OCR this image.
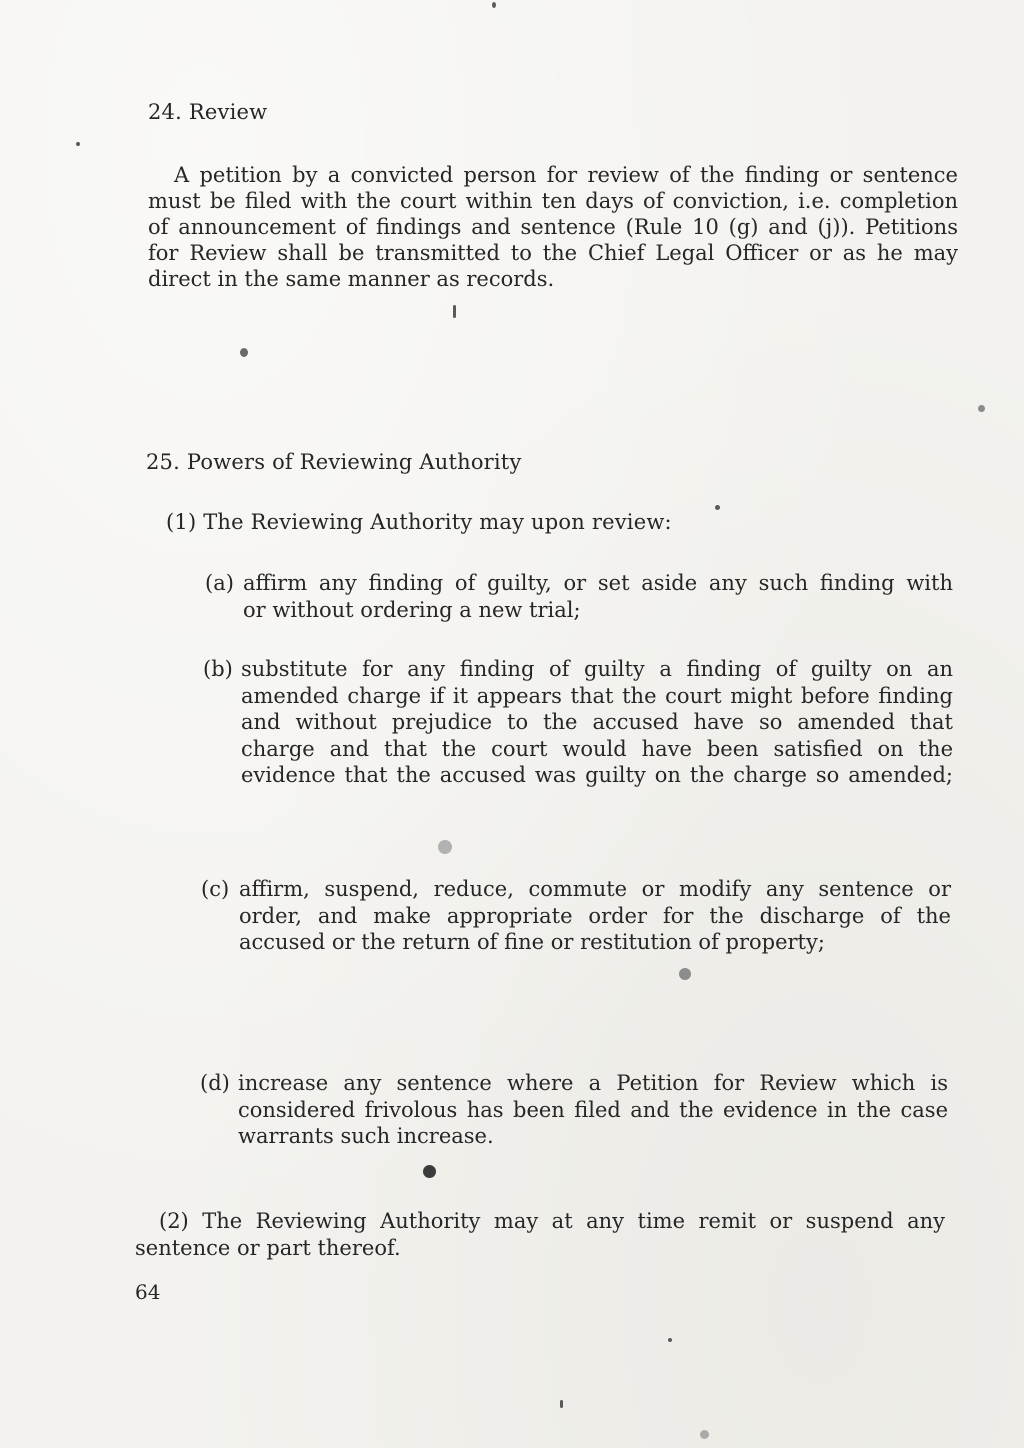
24. Review
A petition by a convicted person for review of the finding or sentence
must be filed with the court within ten days of conviction, i.e. completion
of announcement of findings and sentence (Rule 10 (g) and (j)). Petitions
for Review shall be transmitted to the Chief Legal Officer or as he may
direct in the same manner as records.
25. Powers of Reviewing Authority

(1) The Reviewing Authority may upon review:

(a) affirm any finding of guilty, or set aside any such finding with
or without ordering a new trial;
(b) substitute for any finding of guilty a finding of guilty on an
amended charge if it appears that the court might before finding
and without prejudice to the accused have so amended that
charge and that the court would have been satisfied on the
evidence that the accused was guilty on the charge so amended;
(c) affirm, suspend, reduce, commute or modify any sentence or
order, and make appropriate order for the discharge of the
accused or the return of fine or restitution of property;
(d) increase any sentence where a Petition for Review which is
considered frivolous has been filed and the evidence in the case
warrants such increase.
(2) The Reviewing Authority may at any time remit or suspend any
sentence or part thereof.

64
